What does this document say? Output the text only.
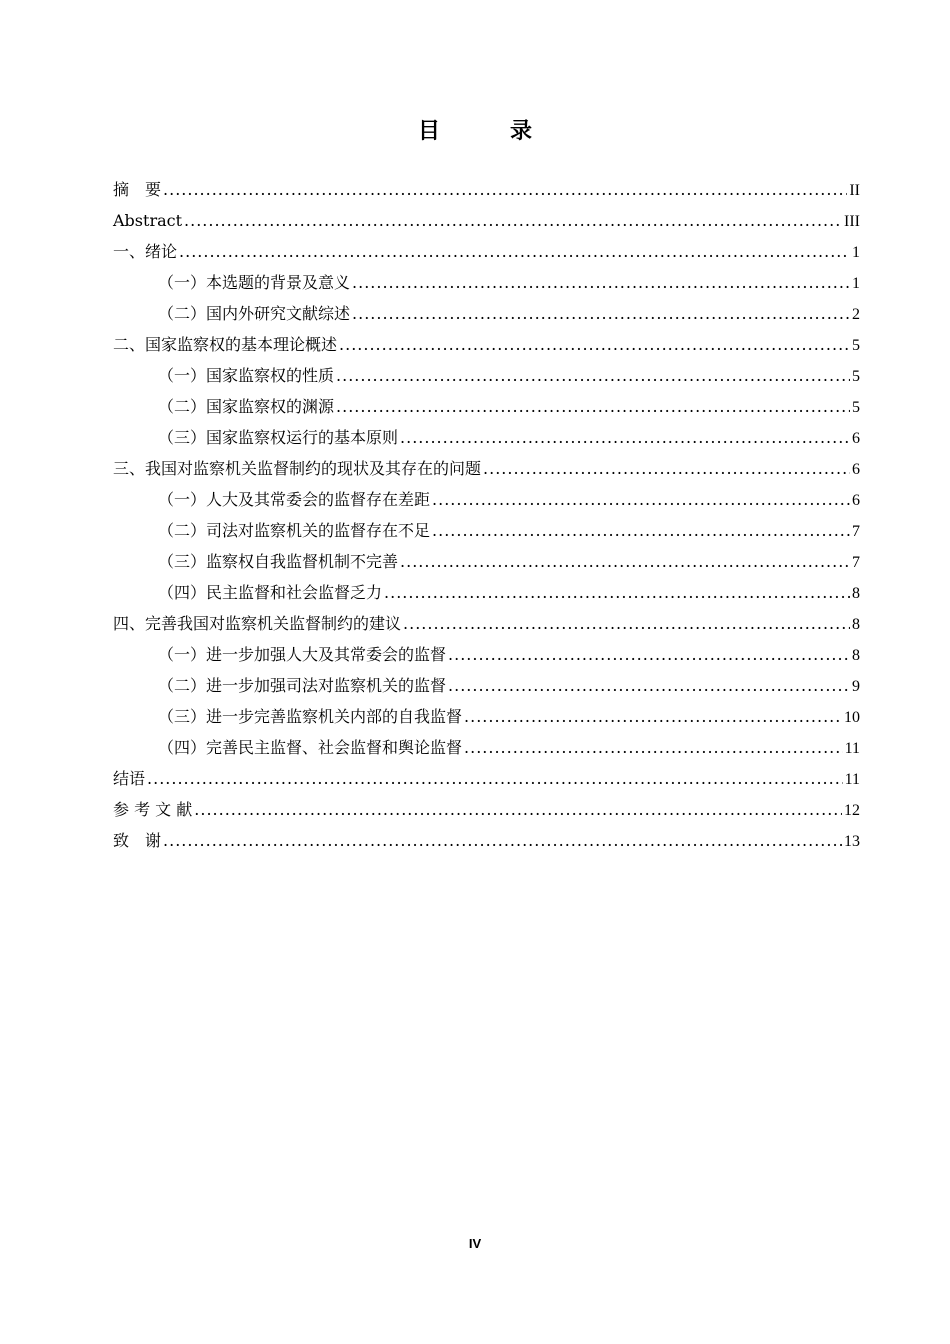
目　录
摘　要 .....	II
Abstract .....	III
一、绪论 .....	1
（一）本选题的背景及意义 .....	1
（二）国内外研究文献综述 .....	2
二、国家监察权的基本理论概述 .....	5
（一）国家监察权的性质 .....	5
（二）国家监察权的渊源 .....	5
（三）国家监察权运行的基本原则 .....	6
三、我国对监察机关监督制约的现状及其存在的问题 .....	6
（一）人大及其常委会的监督存在差距 .....	6
（二）司法对监察机关的监督存在不足 .....	7
（三）监察权自我监督机制不完善 .....	7
（四）民主监督和社会监督乏力 .....	8
四、完善我国对监察机关监督制约的建议 .....	8
（一）进一步加强人大及其常委会的监督 .....	8
（二）进一步加强司法对监察机关的监督 .....	9
（三）进一步完善监察机关内部的自我监督 .....	10
（四）完善民主监督、社会监督和舆论监督 .....	11
结语 .....	11
参 考 文 献 .....	12
致　谢 .....	13
IV
